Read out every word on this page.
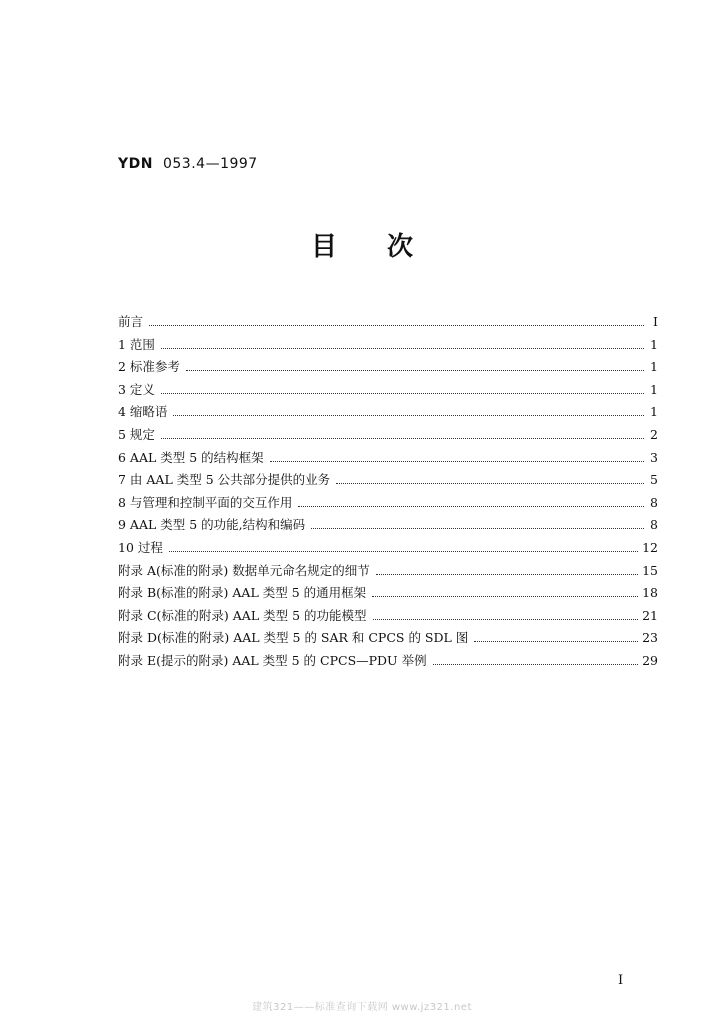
YDN 053.4—1997
目次
前言	I
1 范围	1
2 标准参考	1
3 定义	1
4 缩略语	1
5 规定	2
6 AAL 类型 5 的结构框架	3
7 由 AAL 类型 5 公共部分提供的业务	5
8 与管理和控制平面的交互作用	8
9 AAL 类型 5 的功能,结构和编码	8
10 过程	12
附录 A(标准的附录) 数据单元命名规定的细节	15
附录 B(标准的附录) AAL 类型 5 的通用框架	18
附录 C(标准的附录) AAL 类型 5 的功能模型	21
附录 D(标准的附录) AAL 类型 5 的 SAR 和 CPCS 的 SDL 图	23
附录 E(提示的附录) AAL 类型 5 的 CPCS—PDU 举例	29
I
建筑321——标准查询下载网 www.jz321.net
